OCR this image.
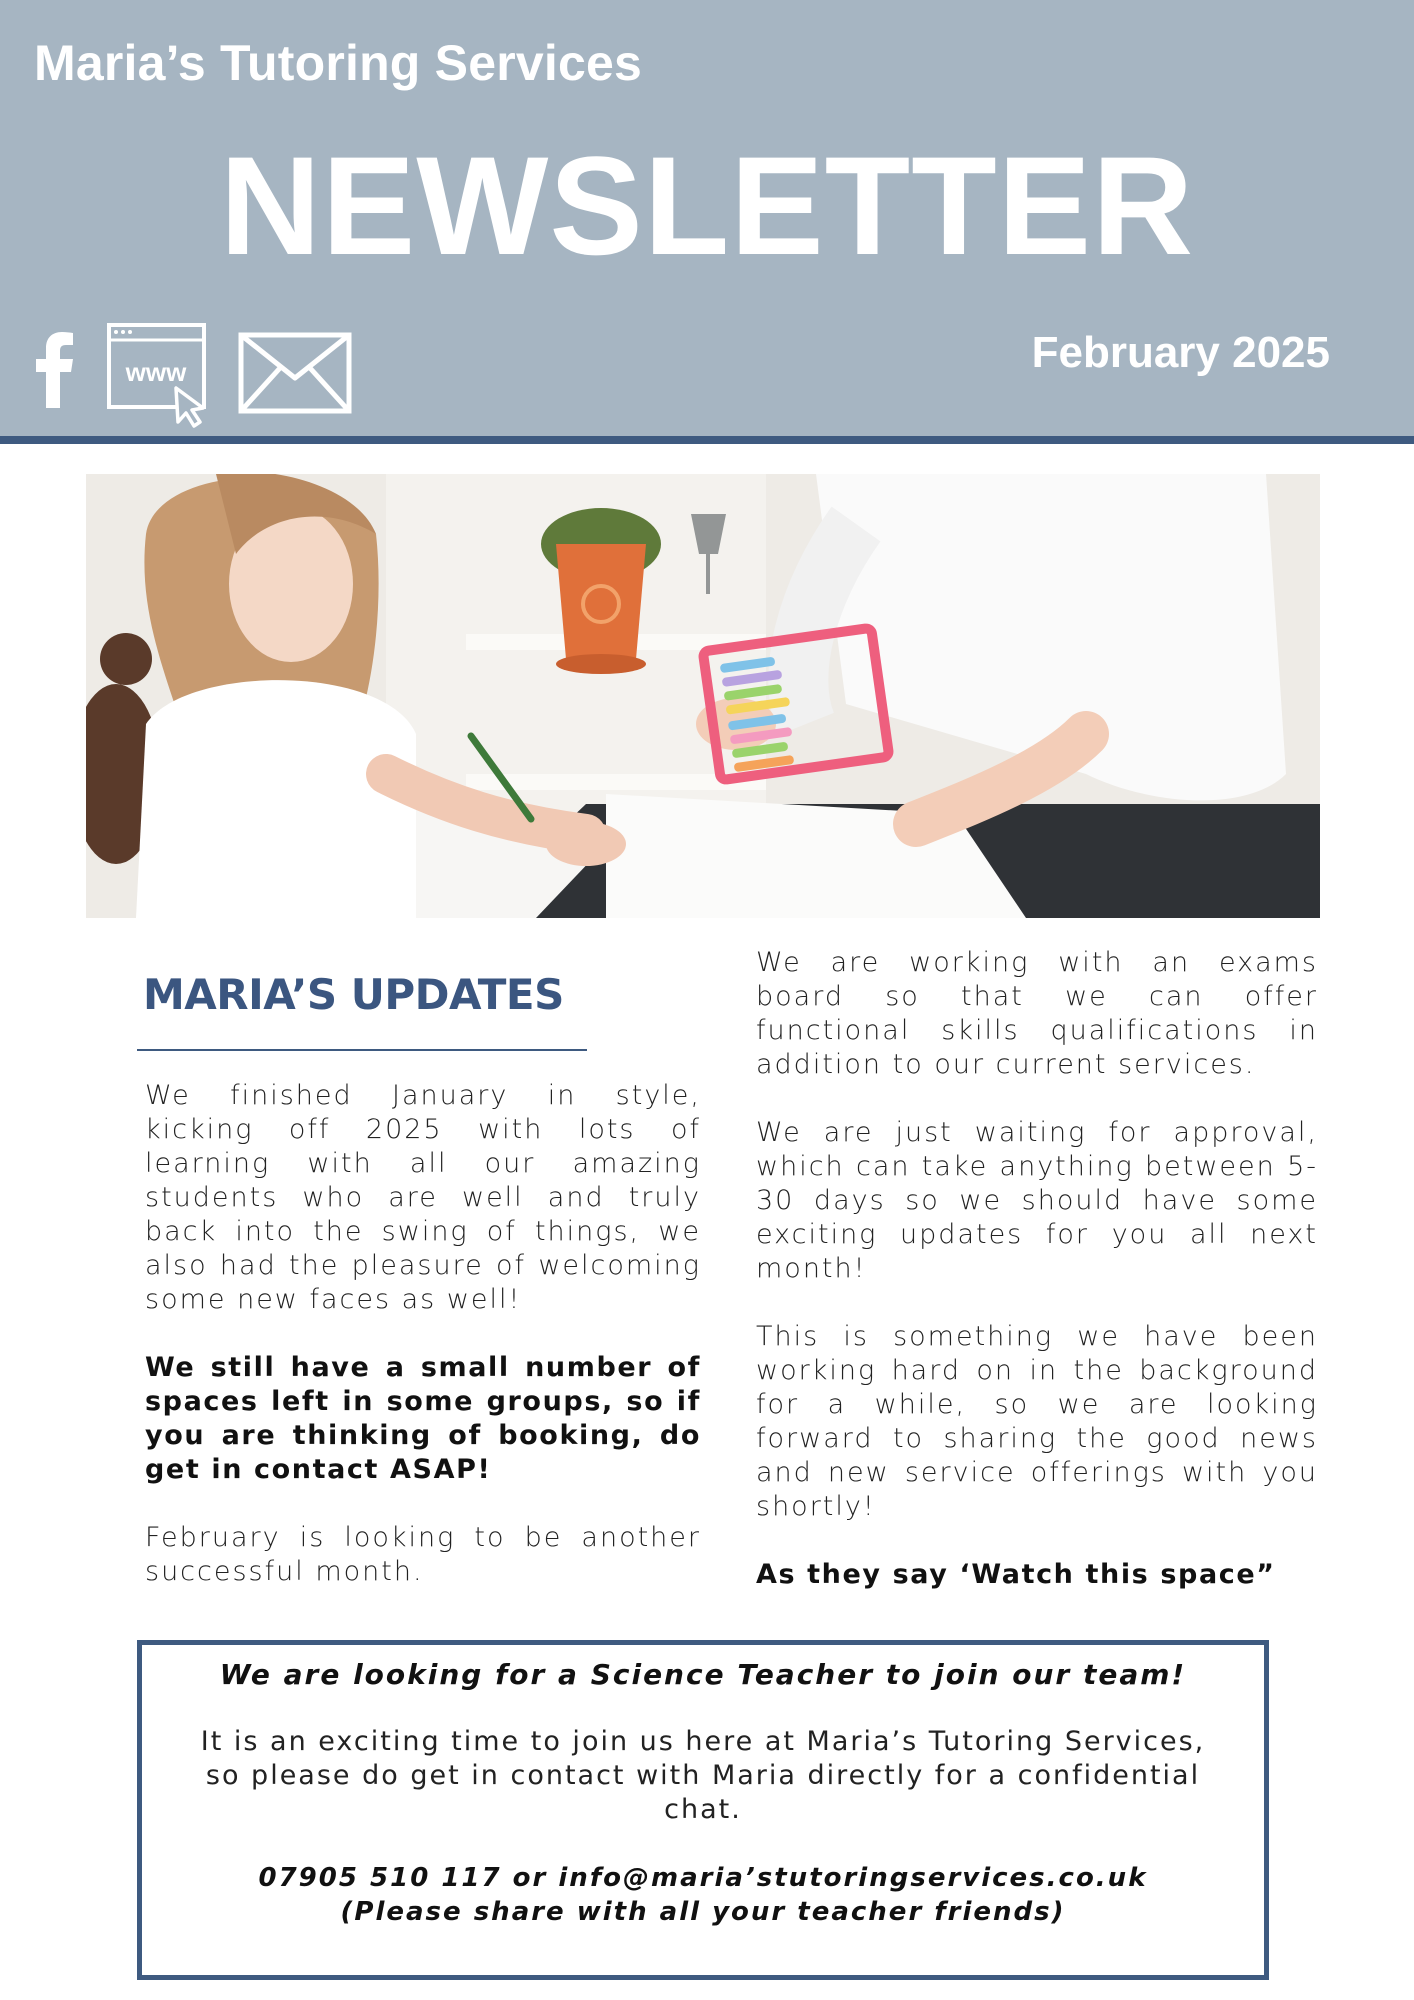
Maria’s Tutoring Services
NEWSLETTER
www	February 2025
MARIA’S UPDATES

We finished January in style, kicking off 2025 with lots of learning with all our amazing students who are well and truly back into the swing of things, we also had the pleasure of welcoming some new faces as well!

We still have a small number of spaces left in some groups, so if you are thinking of booking, do get in contact ASAP!

February is looking to be another successful month.

We are working with an exams board so that we can offer functional skills qualifications in addition to our current services.

We are just waiting for approval, which can take anything between 5-30 days so we should have some exciting updates for you all next month!

This is something we have been working hard on in the background for a while, so we are looking forward to sharing the good news and new service offerings with you shortly!

As they say ‘Watch this space”

We are looking for a Science Teacher to join our team!
It is an exciting time to join us here at Maria’s Tutoring Services, so please do get in contact with Maria directly for a confidential chat.
07905 510 117 or info@maria’stutoringservices.co.uk
(Please share with all your teacher friends)
